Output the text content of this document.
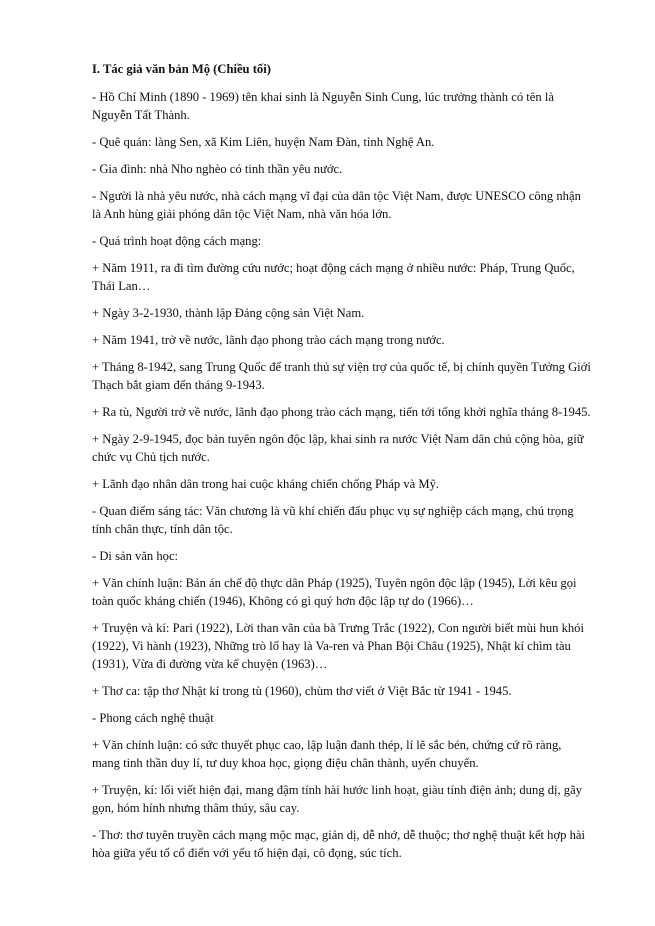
I. Tác giả văn bản Mộ (Chiều tối)

- Hồ Chí Minh (1890 - 1969) tên khai sinh là Nguyễn Sinh Cung, lúc trưởng thành có tên là Nguyễn Tất Thành.

- Quê quán: làng Sen, xã Kim Liên, huyện Nam Đàn, tỉnh Nghệ An.

- Gia đình: nhà Nho nghèo có tinh thần yêu nước.

- Người là nhà yêu nước, nhà cách mạng vĩ đại của dân tộc Việt Nam, được UNESCO công nhận là Anh hùng giải phóng dân tộc Việt Nam, nhà văn hóa lớn.

- Quá trình hoạt động cách mạng:

+ Năm 1911, ra đi tìm đường cứu nước; hoạt động cách mạng ở nhiều nước: Pháp, Trung Quốc, Thái Lan…

+ Ngày 3-2-1930, thành lập Đảng cộng sản Việt Nam.

+ Năm 1941, trở về nước, lãnh đạo phong trào cách mạng trong nước.

+ Tháng 8-1942, sang Trung Quốc để tranh thủ sự viện trợ của quốc tế, bị chính quyền Tưởng Giới Thạch bắt giam đến tháng 9-1943.

+ Ra tù, Người trở về nước, lãnh đạo phong trào cách mạng, tiến tới tổng khởi nghĩa tháng 8-1945.

+ Ngày 2-9-1945, đọc bản tuyên ngôn độc lập, khai sinh ra nước Việt Nam dân chủ cộng hòa, giữ chức vụ Chủ tịch nước.

+ Lãnh đạo nhân dân trong hai cuộc kháng chiến chống Pháp và Mỹ.

- Quan điểm sáng tác: Văn chương là vũ khí chiến đấu phục vụ sự nghiệp cách mạng, chú trọng tính chân thực, tính dân tộc.

- Di sản văn học:

+ Văn chính luận: Bản án chế độ thực dân Pháp (1925), Tuyên ngôn độc lập (1945), Lời kêu gọi toàn quốc kháng chiến (1946), Không có gì quý hơn độc lập tự do (1966)…

+ Truyện và kí: Pari (1922), Lời than vãn của bà Trưng Trắc (1922), Con người biết mùi hun khói (1922), Vi hành (1923), Những trò lố hay là Va-ren và Phan Bội Châu (1925), Nhật kí chìm tàu (1931), Vừa đi đường vừa kể chuyện (1963)…

+ Thơ ca: tập thơ Nhật kí trong tù (1960), chùm thơ viết ở Việt Bắc từ 1941 - 1945.

- Phong cách nghệ thuật

+ Văn chính luận: có sức thuyết phục cao, lập luận đanh thép, lí lẽ sắc bén, chứng cứ rõ ràng, mang tinh thần duy lí, tư duy khoa học, giọng điệu chân thành, uyển chuyển.

+ Truyện, kí: lối viết hiện đại, mang đậm tính hài hước linh hoạt, giàu tính điện ảnh; dung dị, gãy gọn, hóm hỉnh nhưng thâm thúy, sâu cay.

- Thơ: thơ tuyên truyền cách mạng mộc mạc, giản dị, dễ nhớ, dễ thuộc; thơ nghệ thuật kết hợp hài hòa giữa yếu tố cổ điển với yếu tố hiện đại, cô đọng, súc tích.
